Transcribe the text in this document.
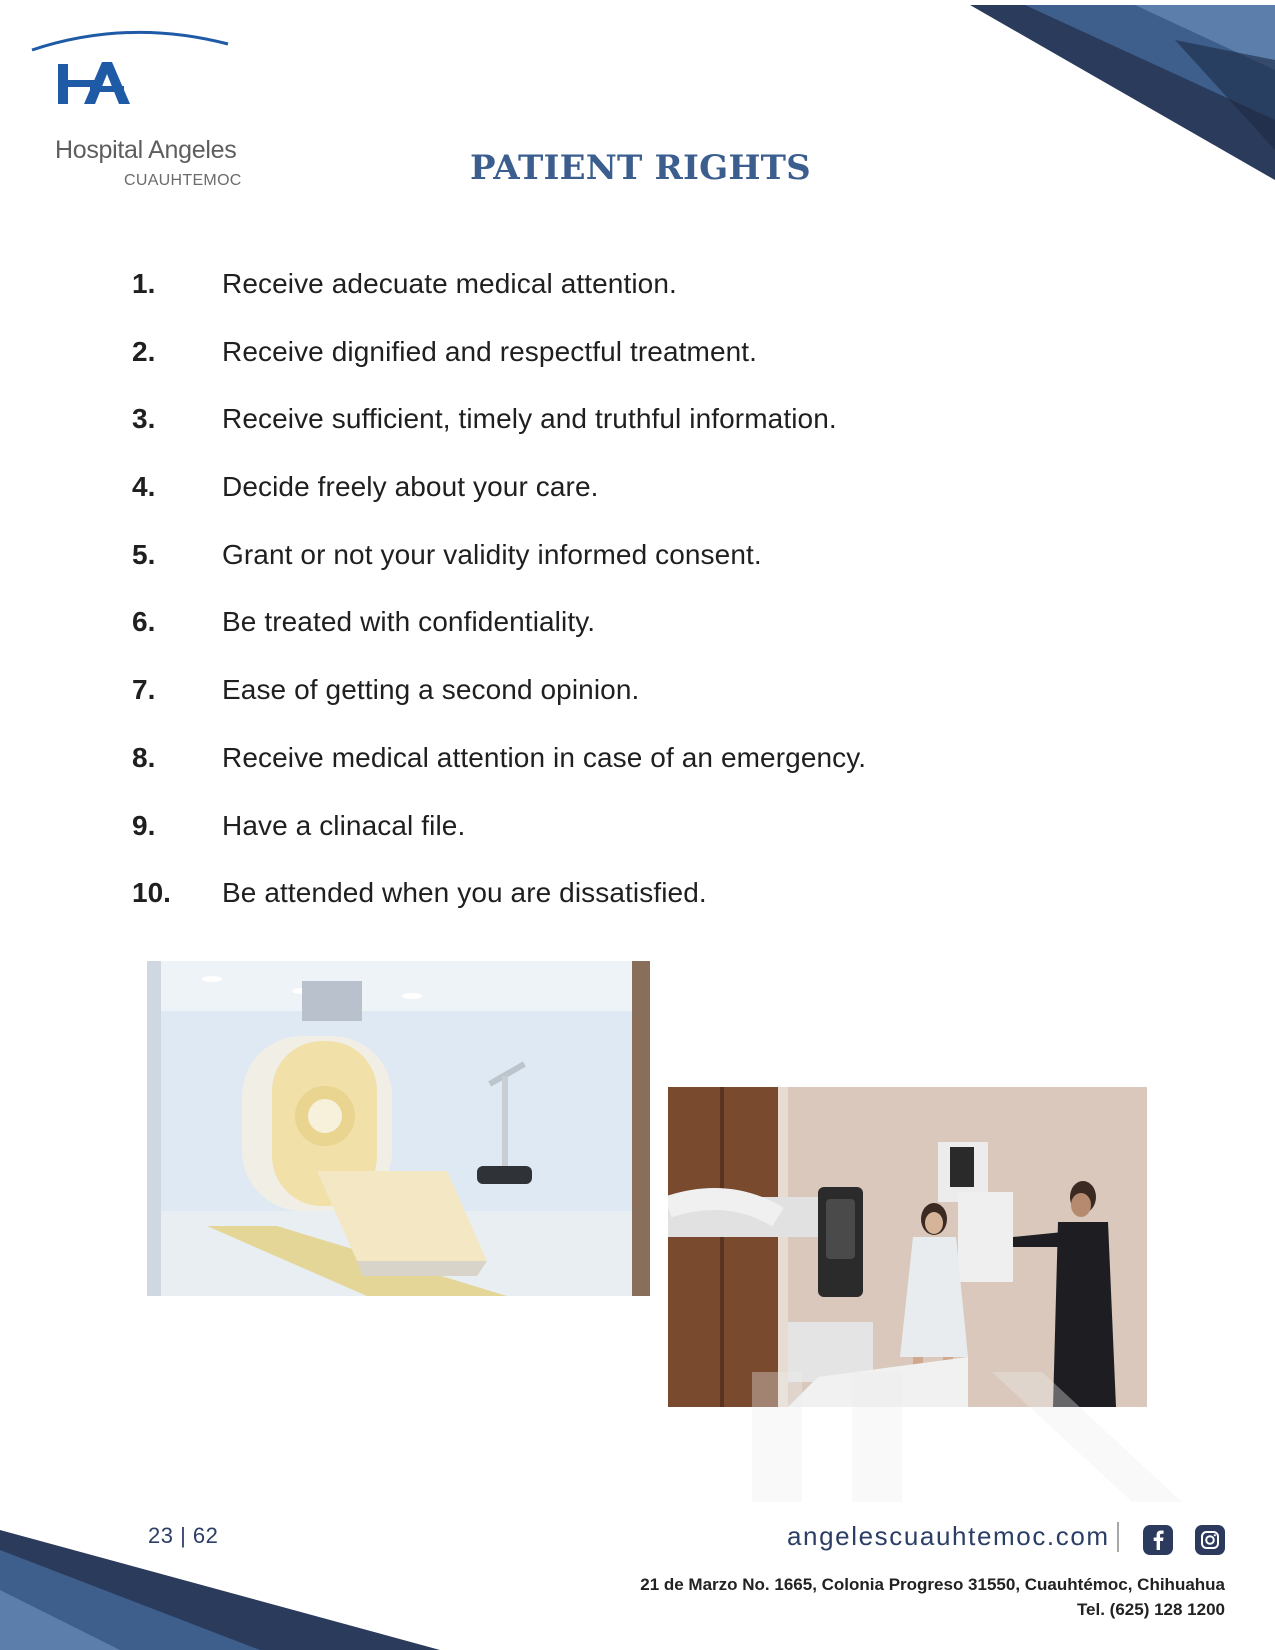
Hospital Angeles
CUAUHTEMOC	PATIENT RIGHTS
1.	Receive adecuate medical attention.
2.	Receive dignified and respectful treatment.
3.	Receive sufficient, timely and truthful information.
4.	Decide freely about your care.
5.	Grant or not your validity informed consent.
6.	Be treated with confidentiality.
7.	Ease of getting a second opinion.
8.	Receive medical attention in case of an emergency.
9.	Have a clinacal file.
10.	Be attended when you are dissatisfied.
23 | 62	angelescuauhtemoc.com
21 de Marzo No. 1665, Colonia Progreso 31550, Cuauhtémoc, Chihuahua
Tel. (625) 128 1200
